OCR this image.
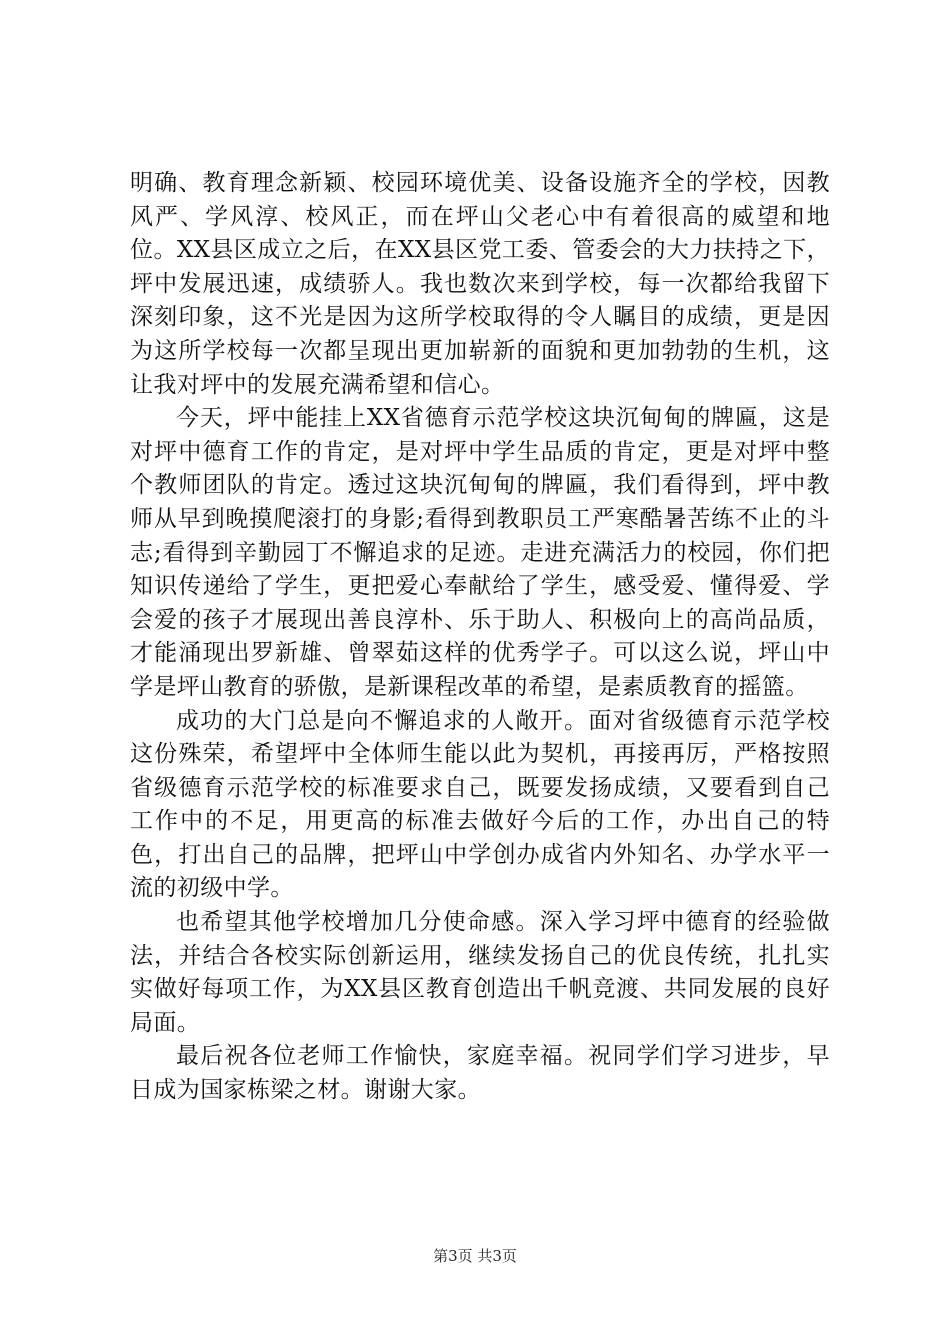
明确、教育理念新颖、校园环境优美、设备设施齐全的学校，因教风严、学风淳、校风正，而在坪山父老心中有着很高的威望和地位。XX县区成立之后，在XX县区党工委、管委会的大力扶持之下，坪中发展迅速，成绩骄人。我也数次来到学校，每一次都给我留下深刻印象，这不光是因为这所学校取得的令人瞩目的成绩，更是因为这所学校每一次都呈现出更加崭新的面貌和更加勃勃的生机，这让我对坪中的发展充满希望和信心。

今天，坪中能挂上XX省德育示范学校这块沉甸甸的牌匾，这是对坪中德育工作的肯定，是对坪中学生品质的肯定，更是对坪中整个教师团队的肯定。透过这块沉甸甸的牌匾，我们看得到，坪中教师从早到晚摸爬滚打的身影;看得到教职员工严寒酷暑苦练不止的斗志;看得到辛勤园丁不懈追求的足迹。走进充满活力的校园，你们把知识传递给了学生，更把爱心奉献给了学生，感受爱、懂得爱、学会爱的孩子才展现出善良淳朴、乐于助人、积极向上的高尚品质，才能涌现出罗新雄、曾翠茹这样的优秀学子。可以这么说，坪山中学是坪山教育的骄傲，是新课程改革的希望，是素质教育的摇篮。

成功的大门总是向不懈追求的人敞开。面对省级德育示范学校这份殊荣，希望坪中全体师生能以此为契机，再接再厉，严格按照省级德育示范学校的标准要求自己，既要发扬成绩，又要看到自己工作中的不足，用更高的标准去做好今后的工作，办出自己的特色，打出自己的品牌，把坪山中学创办成省内外知名、办学水平一流的初级中学。

也希望其他学校增加几分使命感。深入学习坪中德育的经验做法，并结合各校实际创新运用，继续发扬自己的优良传统，扎扎实实做好每项工作，为XX县区教育创造出千帆竞渡、共同发展的良好局面。

最后祝各位老师工作愉快，家庭幸福。祝同学们学习进步，早日成为国家栋梁之材。谢谢大家。

第3页 共3页
